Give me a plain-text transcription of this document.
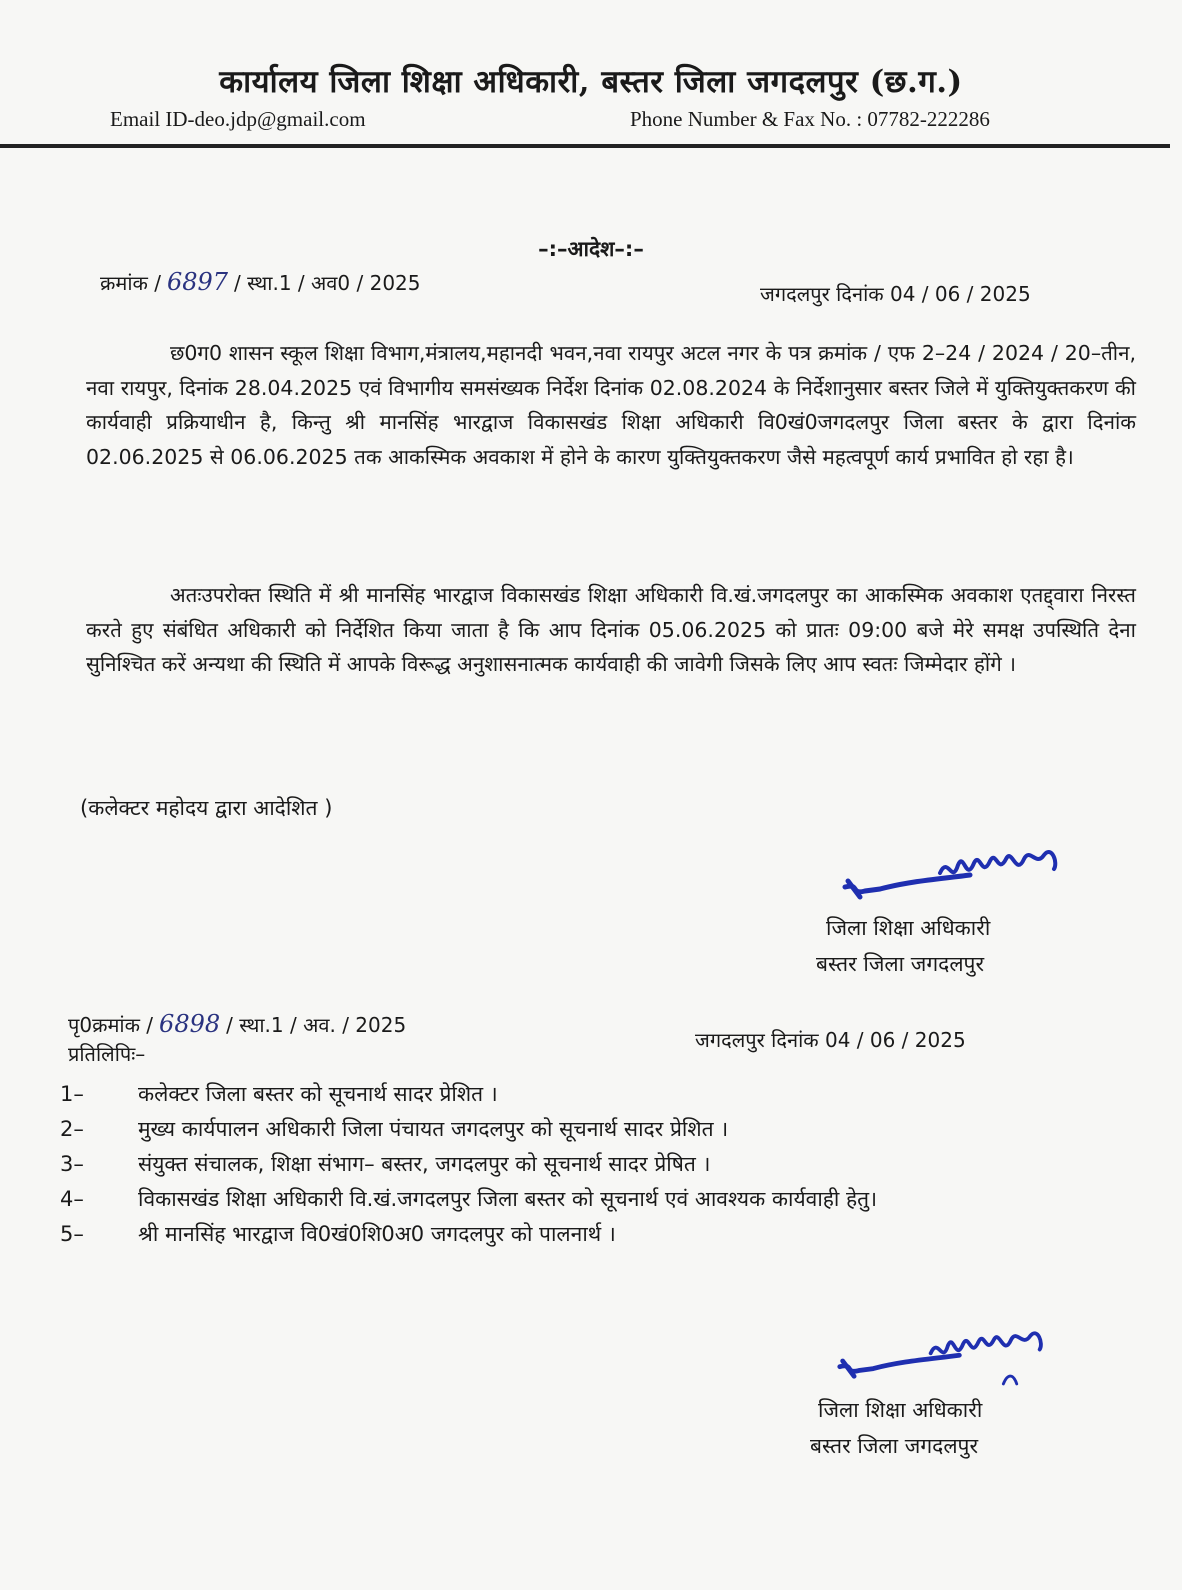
कार्यालय जिला शिक्षा अधिकारी, बस्तर जिला जगदलपुर (छ.ग.)
Email ID-deo.jdp@gmail.com	Phone Number & Fax No. : 07782-222286
–:–आदेश–:–
क्रमांक / 6897 / स्था.1 / अव0 / 2025	जगदलपुर दिनांक 04 / 06 / 2025
छ0ग0 शासन स्कूल शिक्षा विभाग,मंत्रालय,महानदी भवन,नवा रायपुर अटल नगर के पत्र क्रमांक / एफ 2–24 / 2024 / 20–तीन, नवा रायपुर, दिनांक 28.04.2025 एवं विभागीय समसंख्यक निर्देश दिनांक 02.08.2024 के निर्देशानुसार बस्तर जिले में युक्तियुक्तकरण की कार्यवाही प्रक्रियाधीन है, किन्तु श्री मानसिंह भारद्वाज विकासखंड शिक्षा अधिकारी वि0खं0जगदलपुर जिला बस्तर के द्वारा दिनांक 02.06.2025 से 06.06.2025 तक आकस्मिक अवकाश में होने के कारण युक्तियुक्तकरण जैसे महत्वपूर्ण कार्य प्रभावित हो रहा है।
अतःउपरोक्त स्थिति में श्री मानसिंह भारद्वाज विकासखंड शिक्षा अधिकारी वि.खं.जगदलपुर का आकस्मिक अवकाश एतद्द्वारा निरस्त करते हुए संबंधित अधिकारी को निर्देशित किया जाता है कि आप दिनांक 05.06.2025 को प्रातः 09:00 बजे मेरे समक्ष उपस्थिति देना सुनिश्चित करें अन्यथा की स्थिति में आपके विरूद्ध अनुशासनात्मक कार्यवाही की जावेगी जिसके लिए आप स्वतः जिम्मेदार होंगे ।
(कलेक्टर महोदय द्वारा आदेशित )
जिला शिक्षा अधिकारी
बस्तर जिला जगदलपुर
पृ0क्रमांक / 6898 / स्था.1 / अव. / 2025
जगदलपुर दिनांक 04 / 06 / 2025
प्रतिलिपिः–
1–	कलेक्टर जिला बस्तर को सूचनार्थ सादर प्रेशित ।
2–	मुख्य कार्यपालन अधिकारी जिला पंचायत जगदलपुर को सूचनार्थ सादर प्रेशित ।
3–	संयुक्त संचालक, शिक्षा संभाग– बस्तर, जगदलपुर को सूचनार्थ सादर प्रेषित ।
4–	विकासखंड शिक्षा अधिकारी वि.खं.जगदलपुर जिला बस्तर को सूचनार्थ एवं आवश्यक कार्यवाही हेतु।
5–	श्री मानसिंह भारद्वाज वि0खं0शि0अ0 जगदलपुर को पालनार्थ ।
जिला शिक्षा अधिकारी
बस्तर जिला जगदलपुर
